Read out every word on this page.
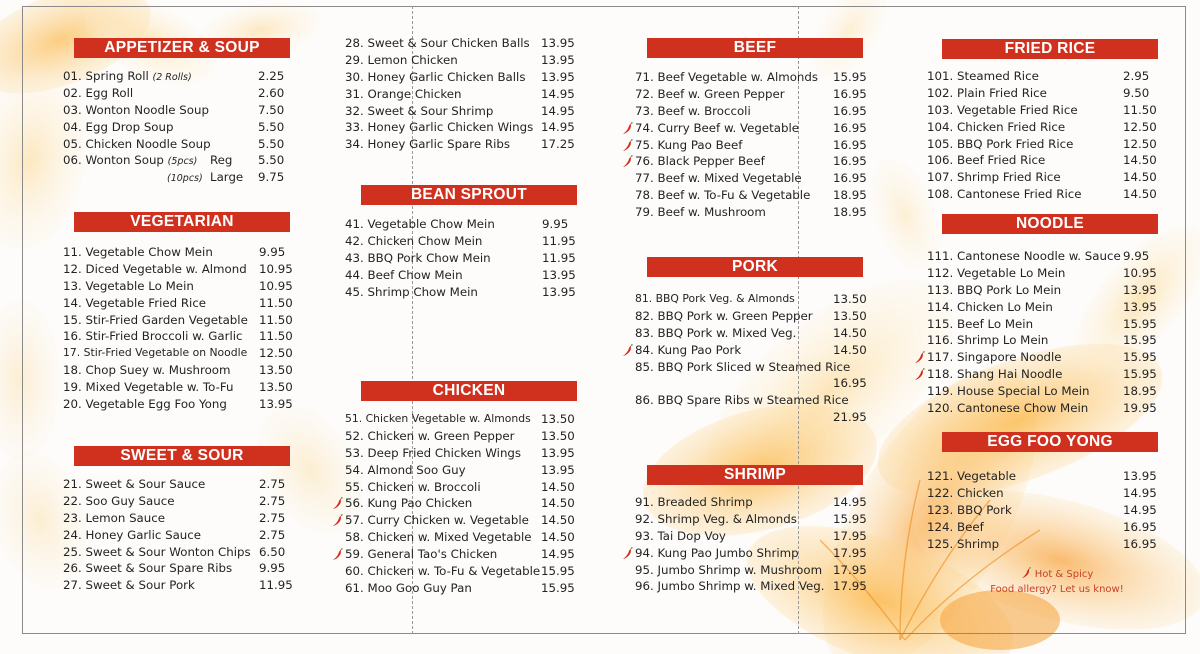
APPETIZER & SOUP
01. Spring Roll (2 Rolls)	2.25
02. Egg Roll	2.60
03. Wonton Noodle Soup	7.50
04. Egg Drop Soup	5.50
05. Chicken Noodle Soup	5.50
06. Wonton Soup (5pcs) Reg 5.50
(10pcs) Large 9.75
VEGETARIAN
11. Vegetable Chow Mein	9.95
12. Diced Vegetable w. Almond 10.95
13. Vegetable Lo Mein	10.95
14. Vegetable Fried Rice	11.50
15. Stir-Fried Garden Vegetable 11.50
16. Stir-Fried Broccoli w. Garlic 11.50
17. Stir-Fried Vegetable on Noodle 12.50
18. Chop Suey w. Mushroom 13.50
19. Mixed Vegetable w. To-Fu 13.50
20. Vegetable Egg Foo Yong	13.95
SWEET & SOUR
21. Sweet & Sour Sauce	2.75
22. Soo Guy Sauce	2.75
23. Lemon Sauce	2.75
24. Honey Garlic Sauce	2.75
25. Sweet & Sour Wonton Chips 6.50
26. Sweet & Sour Spare Ribs 9.95
27. Sweet & Sour Pork	11.95
28. Sweet & Sour Chicken Balls 13.95
29. Lemon Chicken	13.95
30. Honey Garlic Chicken Balls 13.95
31. Orange Chicken	14.95
32. Sweet & Sour Shrimp	14.95
33. Honey Garlic Chicken Wings 14.95
34. Honey Garlic Spare Ribs	17.25
BEAN SPROUT
41. Vegetable Chow Mein	9.95
42. Chicken Chow Mein	11.95
43. BBQ Pork Chow Mein	11.95
44. Beef Chow Mein	13.95
45. Shrimp Chow Mein	13.95
CHICKEN
51. Chicken Vegetable w. Almonds 13.50
52. Chicken w. Green Pepper 13.50
53. Deep Fried Chicken Wings 13.95
54. Almond Soo Guy	13.95
55. Chicken w. Broccoli	14.50
56. Kung Pao Chicken	14.50
57. Curry Chicken w. Vegetable 14.50
58. Chicken w. Mixed Vegetable 14.50
59. General Tao's Chicken	14.95
60. Chicken w. To-Fu & Vegetable 15.95
61. Moo Goo Guy Pan	15.95
BEEF
71. Beef Vegetable w. Almonds 15.95
72. Beef w. Green Pepper	16.95
73. Beef w. Broccoli	16.95
74. Curry Beef w. Vegetable	16.95
75. Kung Pao Beef	16.95
76. Black Pepper Beef	16.95
77. Beef w. Mixed Vegetable	16.95
78. Beef w. To-Fu & Vegetable 18.95
79. Beef w. Mushroom	18.95
PORK
81. BBQ Pork Veg. & Almonds	13.50
82. BBQ Pork w. Green Pepper 13.50
83. BBQ Pork w. Mixed Veg.	14.50
84. Kung Pao Pork	14.50
85. BBQ Pork Sliced w Steamed Rice
16.95
86. BBQ Spare Ribs w Steamed Rice
21.95
SHRIMP
91. Breaded Shrimp	14.95
92. Shrimp Veg. & Almonds	15.95
93. Tai Dop Voy	17.95
94. Kung Pao Jumbo Shrimp	17.95
95. Jumbo Shrimp w. Mushroom 17.95
96. Jumbo Shrimp w. Mixed Veg. 17.95
FRIED RICE
101. Steamed Rice	2.95
102. Plain Fried Rice	9.50
103. Vegetable Fried Rice	11.50
104. Chicken Fried Rice	12.50
105. BBQ Pork Fried Rice	12.50
106. Beef Fried Rice	14.50
107. Shrimp Fried Rice	14.50
108. Cantonese Fried Rice	14.50
NOODLE
111. Cantonese Noodle w. Sauce 9.95
112. Vegetable Lo Mein	10.95
113. BBQ Pork Lo Mein	13.95
114. Chicken Lo Mein	13.95
115. Beef Lo Mein	15.95
116. Shrimp Lo Mein	15.95
117. Singapore Noodle	15.95
118. Shang Hai Noodle	15.95
119. House Special Lo Mein	18.95
120. Cantonese Chow Mein	19.95
EGG FOO YONG
121. Vegetable	13.95
122. Chicken	14.95
123. BBQ Pork	14.95
124. Beef	16.95
125. Shrimp	16.95
Hot & Spicy
Food allergy? Let us know!
